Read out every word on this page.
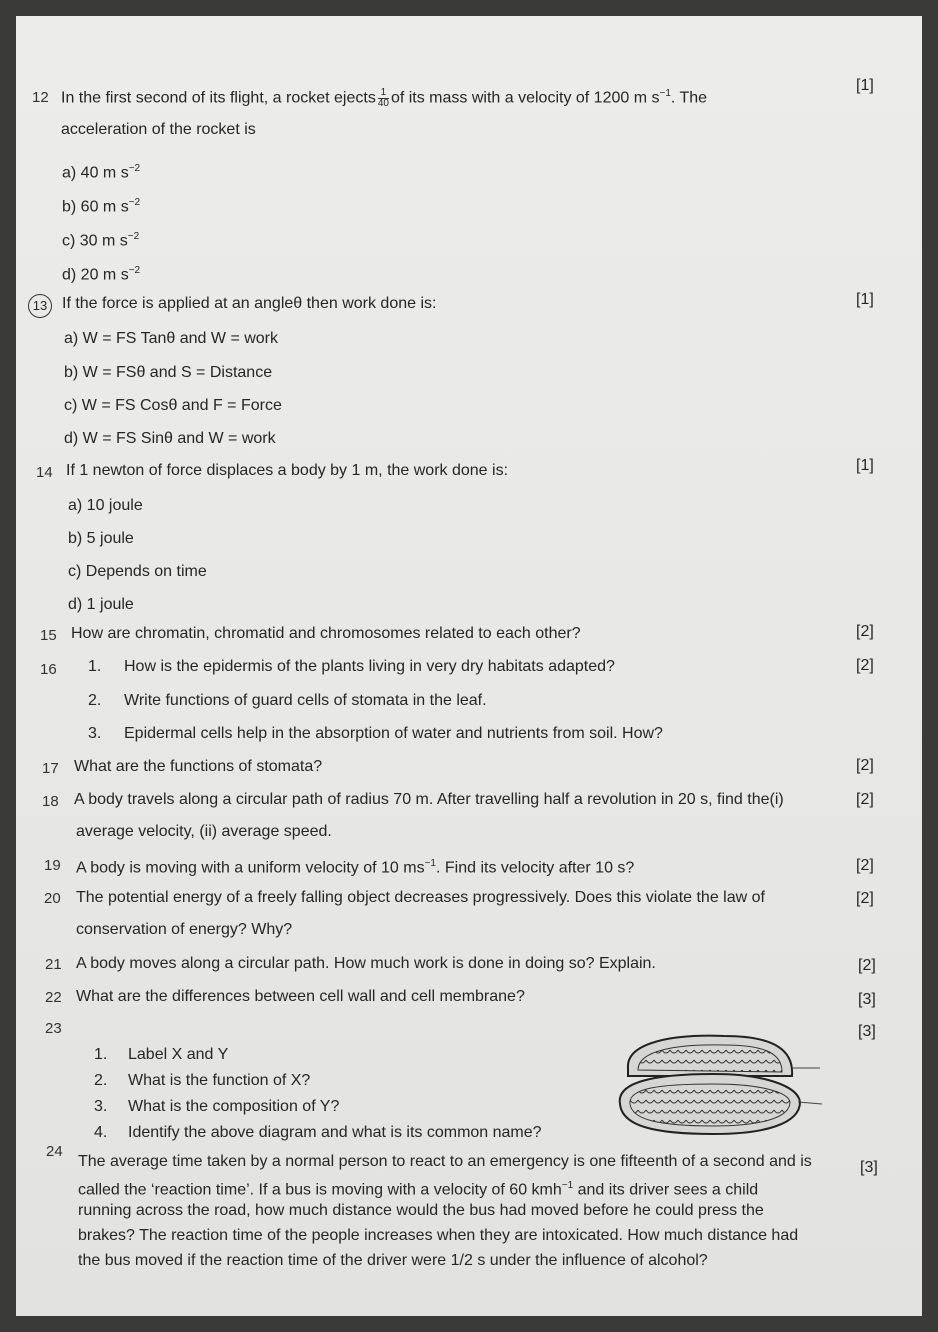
12 In the first second of its flight, a rocket ejects $\frac{1}{40}$ of its mass with a velocity of 1200 m $s^{-1}$. The
[1]
acceleration of the rocket is
a) 40 m $s^{-2}$
b) 60 m $s^{-2}$
c) 30 m $s^{-2}$
d) 20 m $s^{-2}$
13 If the force is applied at an angleθ then work done is:	[1]
a) W = FS Tanθ and W = work
b) W = FSθ and S = Distance
c) W = FS Cosθ and F = Force
d) W = FS Sinθ and W = work
14 If 1 newton of force displaces a body by 1 m, the work done is:	[1]
a) 10 joule
b) 5 joule
c) Depends on time
d) 1 joule
15 How are chromatin, chromatid and chromosomes related to each other?	[2]
16	[2]
1. How is the epidermis of the plants living in very dry habitats adapted?
2. Write functions of guard cells of stomata in the leaf.
3. Epidermal cells help in the absorption of water and nutrients from soil. How?
17 What are the functions of stomata?	[2]
18 A body travels along a circular path of radius 70 m. After travelling half a revolution in 20 s, find the(i)	[2]
average velocity, (ii) average speed.
19 A body is moving with a uniform velocity of 10 $ms^{-1}$. Find its velocity after 10 s?	[2]
20 The potential energy of a freely falling object decreases progressively. Does this violate the law of	[2]
conservation of energy? Why?
21 A body moves along a circular path. How much work is done in doing so? Explain.	[2]
22 What are the differences between cell wall and cell membrane?	[3]
23	[3]
1. Label X and Y
2. What is the function of X?
3. What is the composition of Y?
4. Identify the above diagram and what is its common name?
24
[3]
The average time taken by a normal person to react to an emergency is one fifteenth of a second and is
called the ‘reaction time’. If a bus is moving with a velocity of 60 kmh$^{-1}$ and its driver sees a child
running across the road, how much distance would the bus had moved before he could press the
brakes? The reaction time of the people increases when they are intoxicated. How much distance had
the bus moved if the reaction time of the driver were 1/2 s under the influence of alcohol?
